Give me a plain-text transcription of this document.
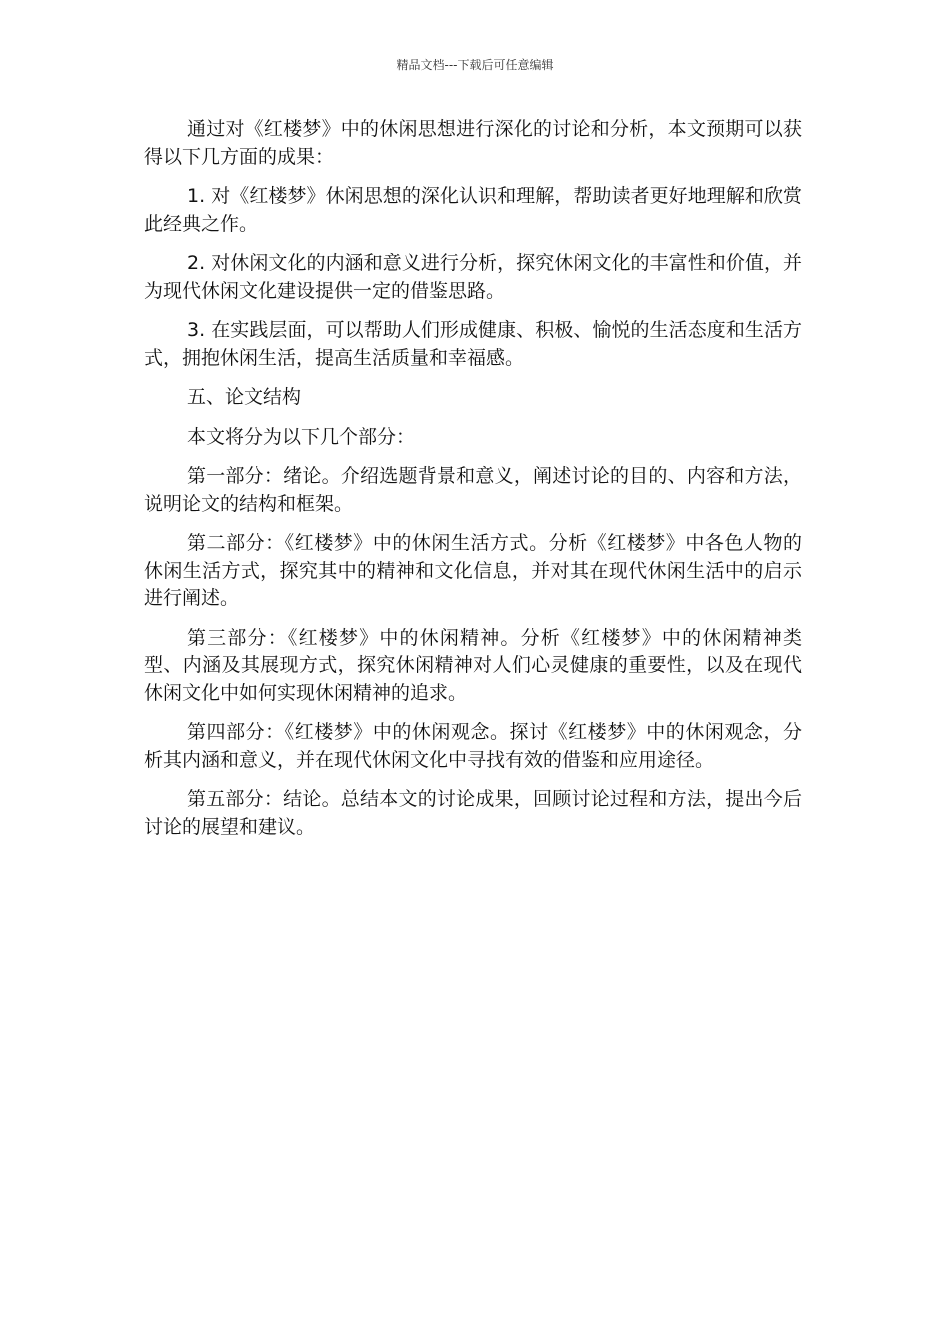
精品文档---下载后可任意编辑

通过对《红楼梦》中的休闲思想进行深化的讨论和分析，本文预期可以获得以下几方面的成果：

1. 对《红楼梦》休闲思想的深化认识和理解，帮助读者更好地理解和欣赏此经典之作。

2. 对休闲文化的内涵和意义进行分析，探究休闲文化的丰富性和价值，并为现代休闲文化建设提供一定的借鉴思路。

3. 在实践层面，可以帮助人们形成健康、积极、愉悦的生活态度和生活方式，拥抱休闲生活，提高生活质量和幸福感。

五、论文结构

本文将分为以下几个部分：

第一部分：绪论。介绍选题背景和意义，阐述讨论的目的、内容和方法，说明论文的结构和框架。

第二部分：《红楼梦》中的休闲生活方式。分析《红楼梦》中各色人物的休闲生活方式，探究其中的精神和文化信息，并对其在现代休闲生活中的启示进行阐述。

第三部分：《红楼梦》中的休闲精神。分析《红楼梦》中的休闲精神类型、内涵及其展现方式，探究休闲精神对人们心灵健康的重要性，以及在现代休闲文化中如何实现休闲精神的追求。

第四部分：《红楼梦》中的休闲观念。探讨《红楼梦》中的休闲观念，分析其内涵和意义，并在现代休闲文化中寻找有效的借鉴和应用途径。

第五部分：结论。总结本文的讨论成果，回顾讨论过程和方法，提出今后讨论的展望和建议。
